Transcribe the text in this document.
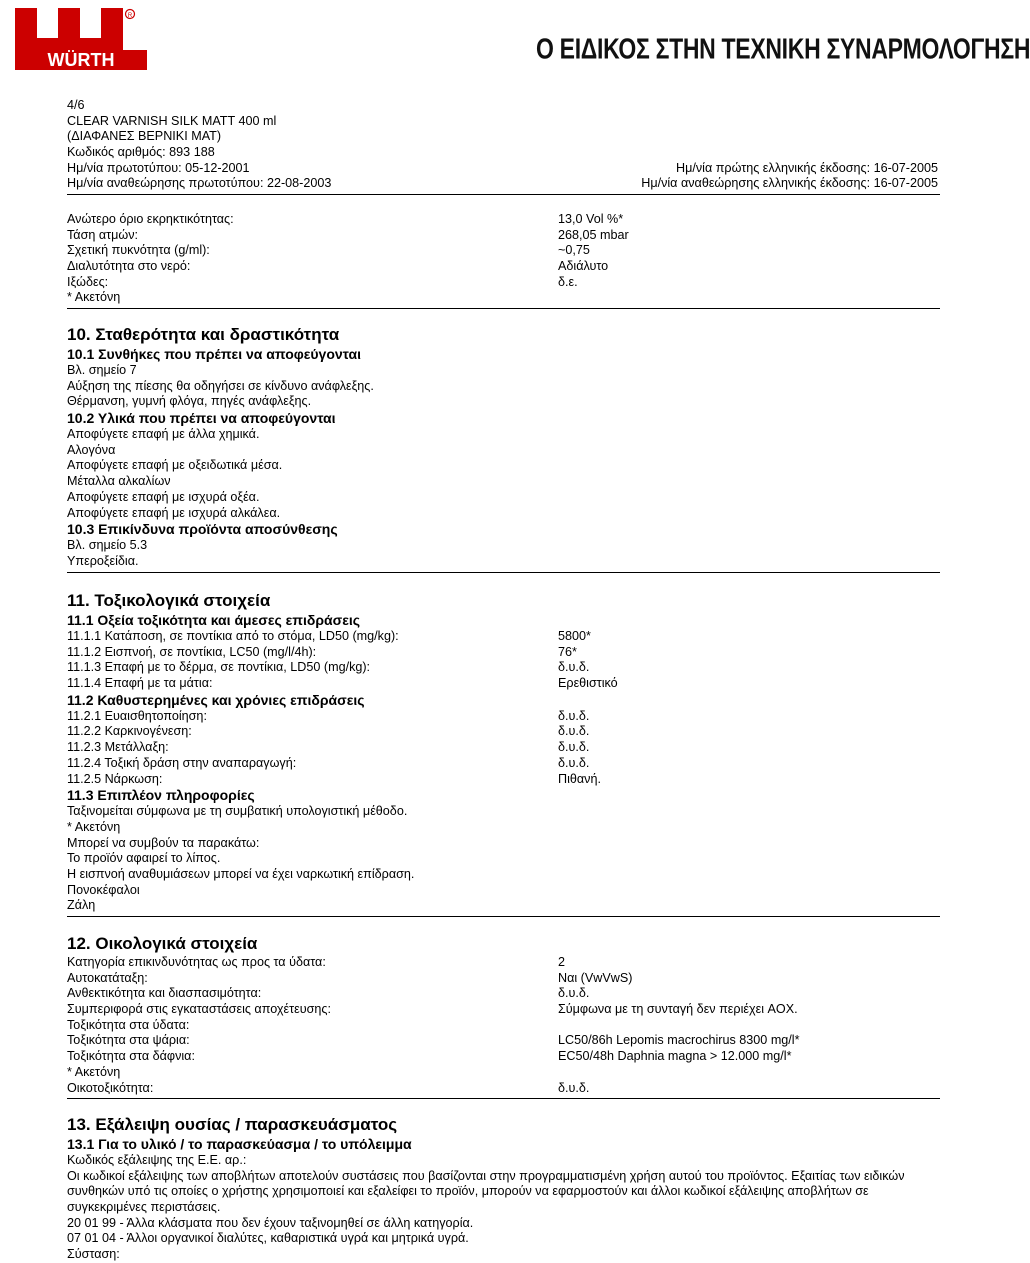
WÜRTH
R
Ο ΕΙΔΙΚΟΣ ΣΤΗΝ ΤΕΧΝΙΚΗ ΣΥΝΑΡΜΟΛΟΓΗΣΗ
4/6
CLEAR VARNISH SILK MATT 400 ml
(ΔΙΑΦΑΝΕΣ ΒΕΡΝΙΚΙ ΜΑΤ)
Κωδικός αριθμός: 893 188
Ημ/νία πρωτοτύπου: 05-12-2001	Ημ/νία πρώτης ελληνικής έκδοσης: 16-07-2005
Ημ/νία αναθεώρησης πρωτοτύπου: 22-08-2003	Ημ/νία αναθεώρησης ελληνικής έκδοσης: 16-07-2005
Ανώτερο όριο εκρηκτικότητας:	13,0 Vol %*
Τάση ατμών:	268,05 mbar
Σχετική πυκνότητα (g/ml):	~0,75
Διαλυτότητα στο νερό:	Αδιάλυτο
Ιξώδες:	δ.ε.
* Ακετόνη
10. Σταθερότητα και δραστικότητα
10.1 Συνθήκες που πρέπει να αποφεύγονται
Βλ. σημείο 7
Αύξηση της πίεσης θα οδηγήσει σε κίνδυνο ανάφλεξης.
Θέρμανση, γυμνή φλόγα, πηγές ανάφλεξης.
10.2 Υλικά που πρέπει να αποφεύγονται
Αποφύγετε επαφή με άλλα χημικά.
Αλογόνα
Αποφύγετε επαφή με οξειδωτικά μέσα.
Μέταλλα αλκαλίων
Αποφύγετε επαφή με ισχυρά οξέα.
Αποφύγετε επαφή με ισχυρά αλκάλεα.
10.3 Επικίνδυνα προϊόντα αποσύνθεσης
Βλ. σημείο 5.3
Υπεροξείδια.
11. Τοξικολογικά στοιχεία
11.1 Οξεία τοξικότητα και άμεσες επιδράσεις
11.1.1 Κατάποση, σε ποντίκια από το στόμα, LD50 (mg/kg):	5800*
11.1.2 Εισπνοή, σε ποντίκια, LC50 (mg/l/4h):	76*
11.1.3 Επαφή με το δέρμα, σε ποντίκια, LD50 (mg/kg):	δ.υ.δ.
11.1.4 Επαφή με τα μάτια:	Ερεθιστικό
11.2 Καθυστερημένες και χρόνιες επιδράσεις
11.2.1 Ευαισθητοποίηση:	δ.υ.δ.
11.2.2 Καρκινογένεση:	δ.υ.δ.
11.2.3 Μετάλλαξη:	δ.υ.δ.
11.2.4 Τοξική δράση στην αναπαραγωγή:	δ.υ.δ.
11.2.5 Νάρκωση:	Πιθανή.
11.3 Επιπλέον πληροφορίες
Ταξινομείται σύμφωνα με τη συμβατική υπολογιστική μέθοδο.
* Ακετόνη
Μπορεί να συμβούν τα παρακάτω:
Το προϊόν αφαιρεί το λίπος.
Η εισπνοή αναθυμιάσεων μπορεί να έχει ναρκωτική επίδραση.
Πονοκέφαλοι
Ζάλη
12. Οικολογικά στοιχεία
Κατηγορία επικινδυνότητας ως προς τα ύδατα:	2
Αυτοκατάταξη:	Ναι (VwVwS)
Ανθεκτικότητα και διασπασιμότητα:	δ.υ.δ.
Συμπεριφορά στις εγκαταστάσεις αποχέτευσης:	Σύμφωνα με τη συνταγή δεν περιέχει AOX.
Τοξικότητα στα ύδατα:
Τοξικότητα στα ψάρια:	LC50/86h Lepomis macrochirus 8300 mg/l*
Τοξικότητα στα δάφνια:	EC50/48h Daphnia magna > 12.000 mg/l*
* Ακετόνη
Οικοτοξικότητα:	δ.υ.δ.
13. Εξάλειψη ουσίας / παρασκευάσματος
13.1 Για το υλικό / το παρασκεύασμα / το υπόλειμμα
Κωδικός εξάλειψης της Ε.Ε. αρ.:
Οι κωδικοί εξάλειψης των αποβλήτων αποτελούν συστάσεις που βασίζονται στην προγραμματισμένη χρήση αυτού του προϊόντος. Εξαιτίας των ειδικών συνθηκών υπό τις οποίες ο χρήστης χρησιμοποιεί και εξαλείφει το προϊόν, μπορούν να εφαρμοστούν και άλλοι κωδικοί εξάλειψης αποβλήτων σε συγκεκριμένες περιστάσεις.
20 01 99 - Άλλα κλάσματα που δεν έχουν ταξινομηθεί σε άλλη κατηγορία.
07 01 04 - Άλλοι οργανικοί διαλύτες, καθαριστικά υγρά και μητρικά υγρά.
Σύσταση:
